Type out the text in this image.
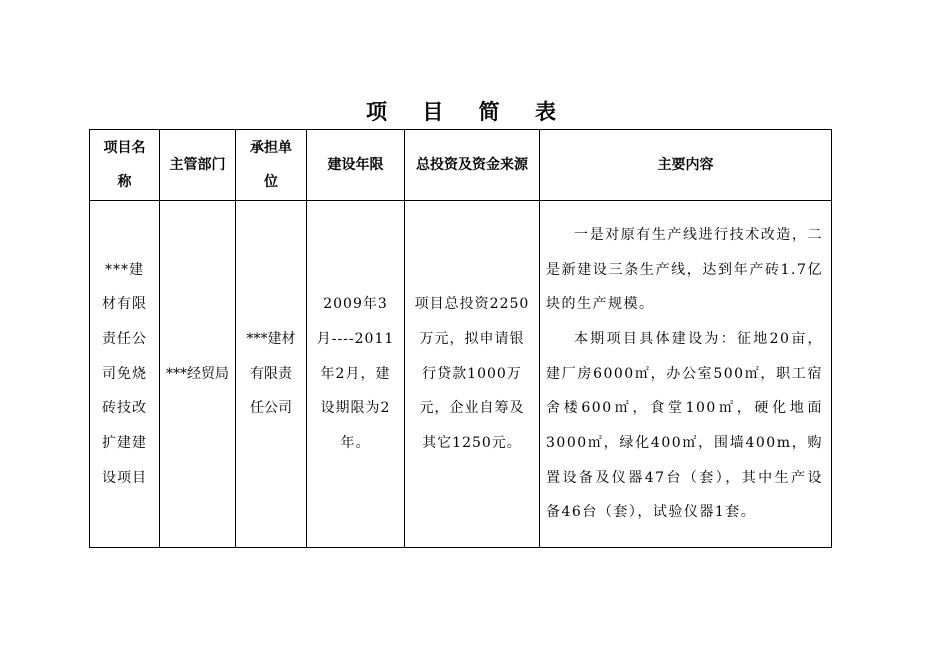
项 目 简 表
项目名称	主管部门	承担单位	建设年限	总投资及资金来源	主要内容
***建材有限责任公司免烧砖技改扩建建设项目	***经贸局	***建材有限责任公司	2009年3月----2011年2月，建设期限为2年。	项目总投资2250万元，拟申请银行贷款1000万元，企业自筹及其它1250元。	一是对原有生产线进行技术改造，二是新建设三条生产线，达到年产砖1.7亿块的生产规模。

本期项目具体建设为：征地20亩，建厂房6000㎡，办公室500㎡，职工宿舍楼600㎡，食堂100㎡，硬化地面3000㎡，绿化400㎡，围墙400m，购置设备及仪器47台（套），其中生产设备46台（套），试验仪器1套。
